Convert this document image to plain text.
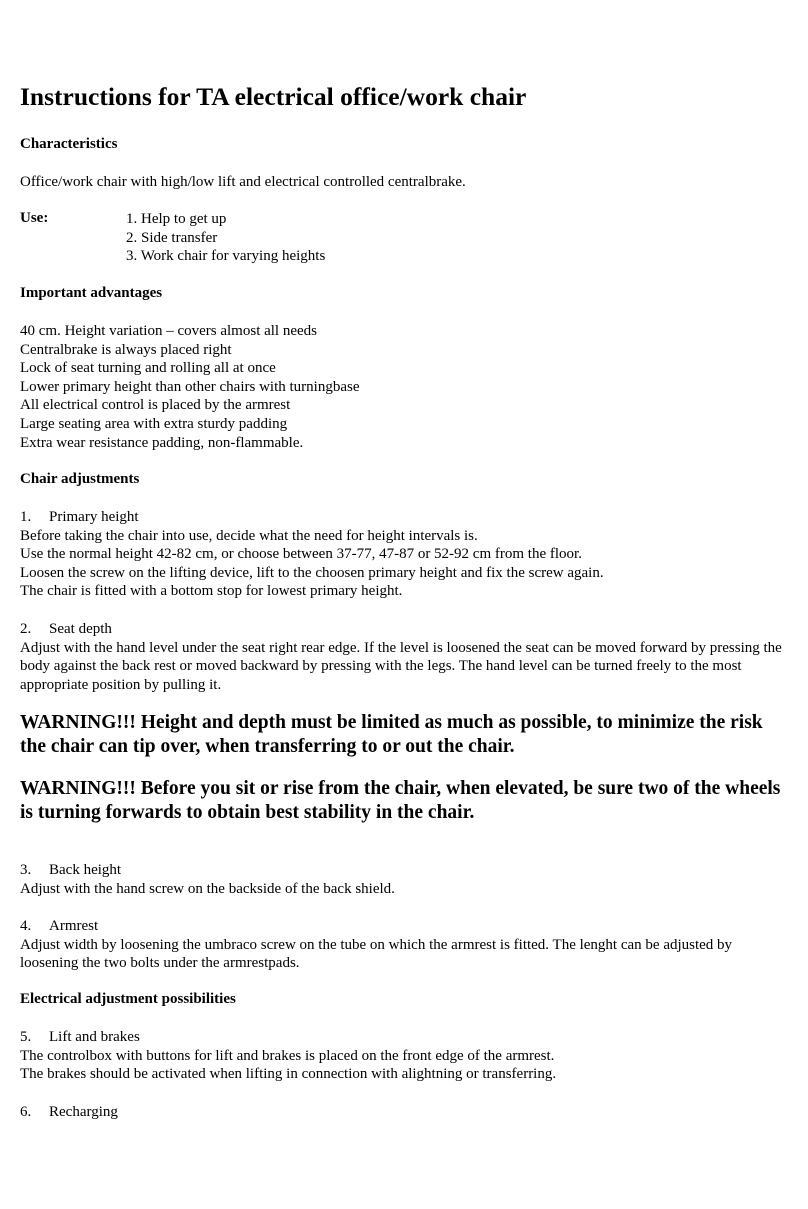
Instructions for TA electrical office/work chair
Characteristics
Office/work chair with high/low lift and electrical controlled centralbrake.
Use:	1. Help to get up
2. Side transfer
3. Work chair for varying heights
Important advantages
40 cm. Height variation – covers almost all needs
Centralbrake is always placed right
Lock of seat turning and rolling all at once
Lower primary height than other chairs with turningbase
All electrical control is placed by the armrest
Large seating area with extra sturdy padding
Extra wear resistance padding, non-flammable.
Chair adjustments
1. Primary height
Before taking the chair into use, decide what the need for height intervals is.
Use the normal height 42-82 cm, or choose between 37-77, 47-87 or 52-92 cm from the floor.
Loosen the screw on the lifting device, lift to the choosen primary height and fix the screw again.
The chair is fitted with a bottom stop for lowest primary height.
2. Seat depth
Adjust with the hand level under the seat right rear edge. If the level is loosened the seat can be moved forward by pressing the body against the back rest or moved backward by pressing with the legs. The hand level can be turned freely to the most appropriate position by pulling it.
WARNING!!! Height and depth must be limited as much as possible, to minimize the risk the chair can tip over, when transferring to or out the chair.
WARNING!!! Before you sit or rise from the chair, when elevated, be sure two of the wheels is turning forwards to obtain best stability in the chair.
3. Back height
Adjust with the hand screw on the backside of the back shield.
4. Armrest
Adjust width by loosening the umbraco screw on the tube on which the armrest is fitted. The lenght can be adjusted by loosening the two bolts under the armrestpads.
Electrical adjustment possibilities
5. Lift and brakes
The controlbox with buttons for lift and brakes is placed on the front edge of the armrest.
The brakes should be activated when lifting in connection with alightning or transferring.
6. Recharging
